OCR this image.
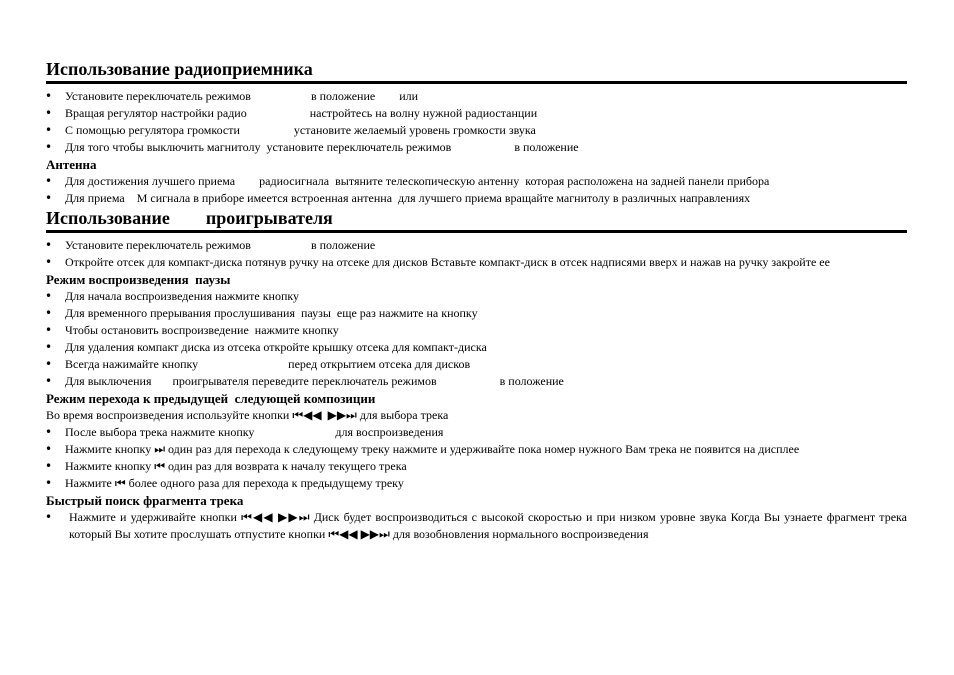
Использование радиоприемника
• Установите переключатель режимов                    в положение        или
• Вращая регулятор настройки радио                     настройтесь на волну нужной радиостанции
• С помощью регулятора громкости                  установите желаемый уровень громкости звука
• Для того чтобы выключить магнитолу  установите переключатель режимов                     в положение
Антенна
• Для достижения лучшего приема        радиосигнала  вытяните телескопическую антенну  которая расположена на задней панели прибора
• Для приема    М сигнала в приборе имеется встроенная антенна  для лучшего приема вращайте магнитолу в различных направлениях
Использование        проигрывателя
• Установите переключатель режимов                    в положение
• Откройте отсек для компакт-диска потянув ручку на отсеке для дисков Вставьте компакт-диск в отсек надписями вверх и нажав на ручку закройте ее
Режим воспроизведения  паузы
• Для начала воспроизведения нажмите кнопку
• Для временного прерывания прослушивания  паузы  еще раз нажмите на кнопку
• Чтобы остановить воспроизведение  нажмите кнопку
• Для удаления компакт диска из отсека откройте крышку отсека для компакт-диска
• Всегда нажимайте кнопку                              перед открытием отсека для дисков
• Для выключения       проигрывателя переведите переключатель режимов                     в положение
Режим перехода к предыдущей  следующей композиции
Во время воспроизведения используйте кнопки ⏮◀◀  ▶▶⏭ для выбора трека
• После выбора трека нажмите кнопку                           для воспроизведения
• Нажмите кнопку ⏭ один раз для перехода к следующему треку нажмите и удерживайте пока номер нужного Вам трека не появится на дисплее
• Нажмите кнопку ⏮ один раз для возврата к началу текущего трека
• Нажмите ⏮ более одного раза для перехода к предыдущему треку
Быстрый поиск фрагмента трека
• Нажмите и удерживайте кнопки ⏮◀◀ ▶▶⏭ Диск будет воспроизводиться с высокой скоростью и при низком уровне звука Когда Вы узнаете фрагмент трека который Вы хотите прослушать отпустите кнопки ⏮◀◀ ▶▶⏭ для возобновления нормального воспроизведения
